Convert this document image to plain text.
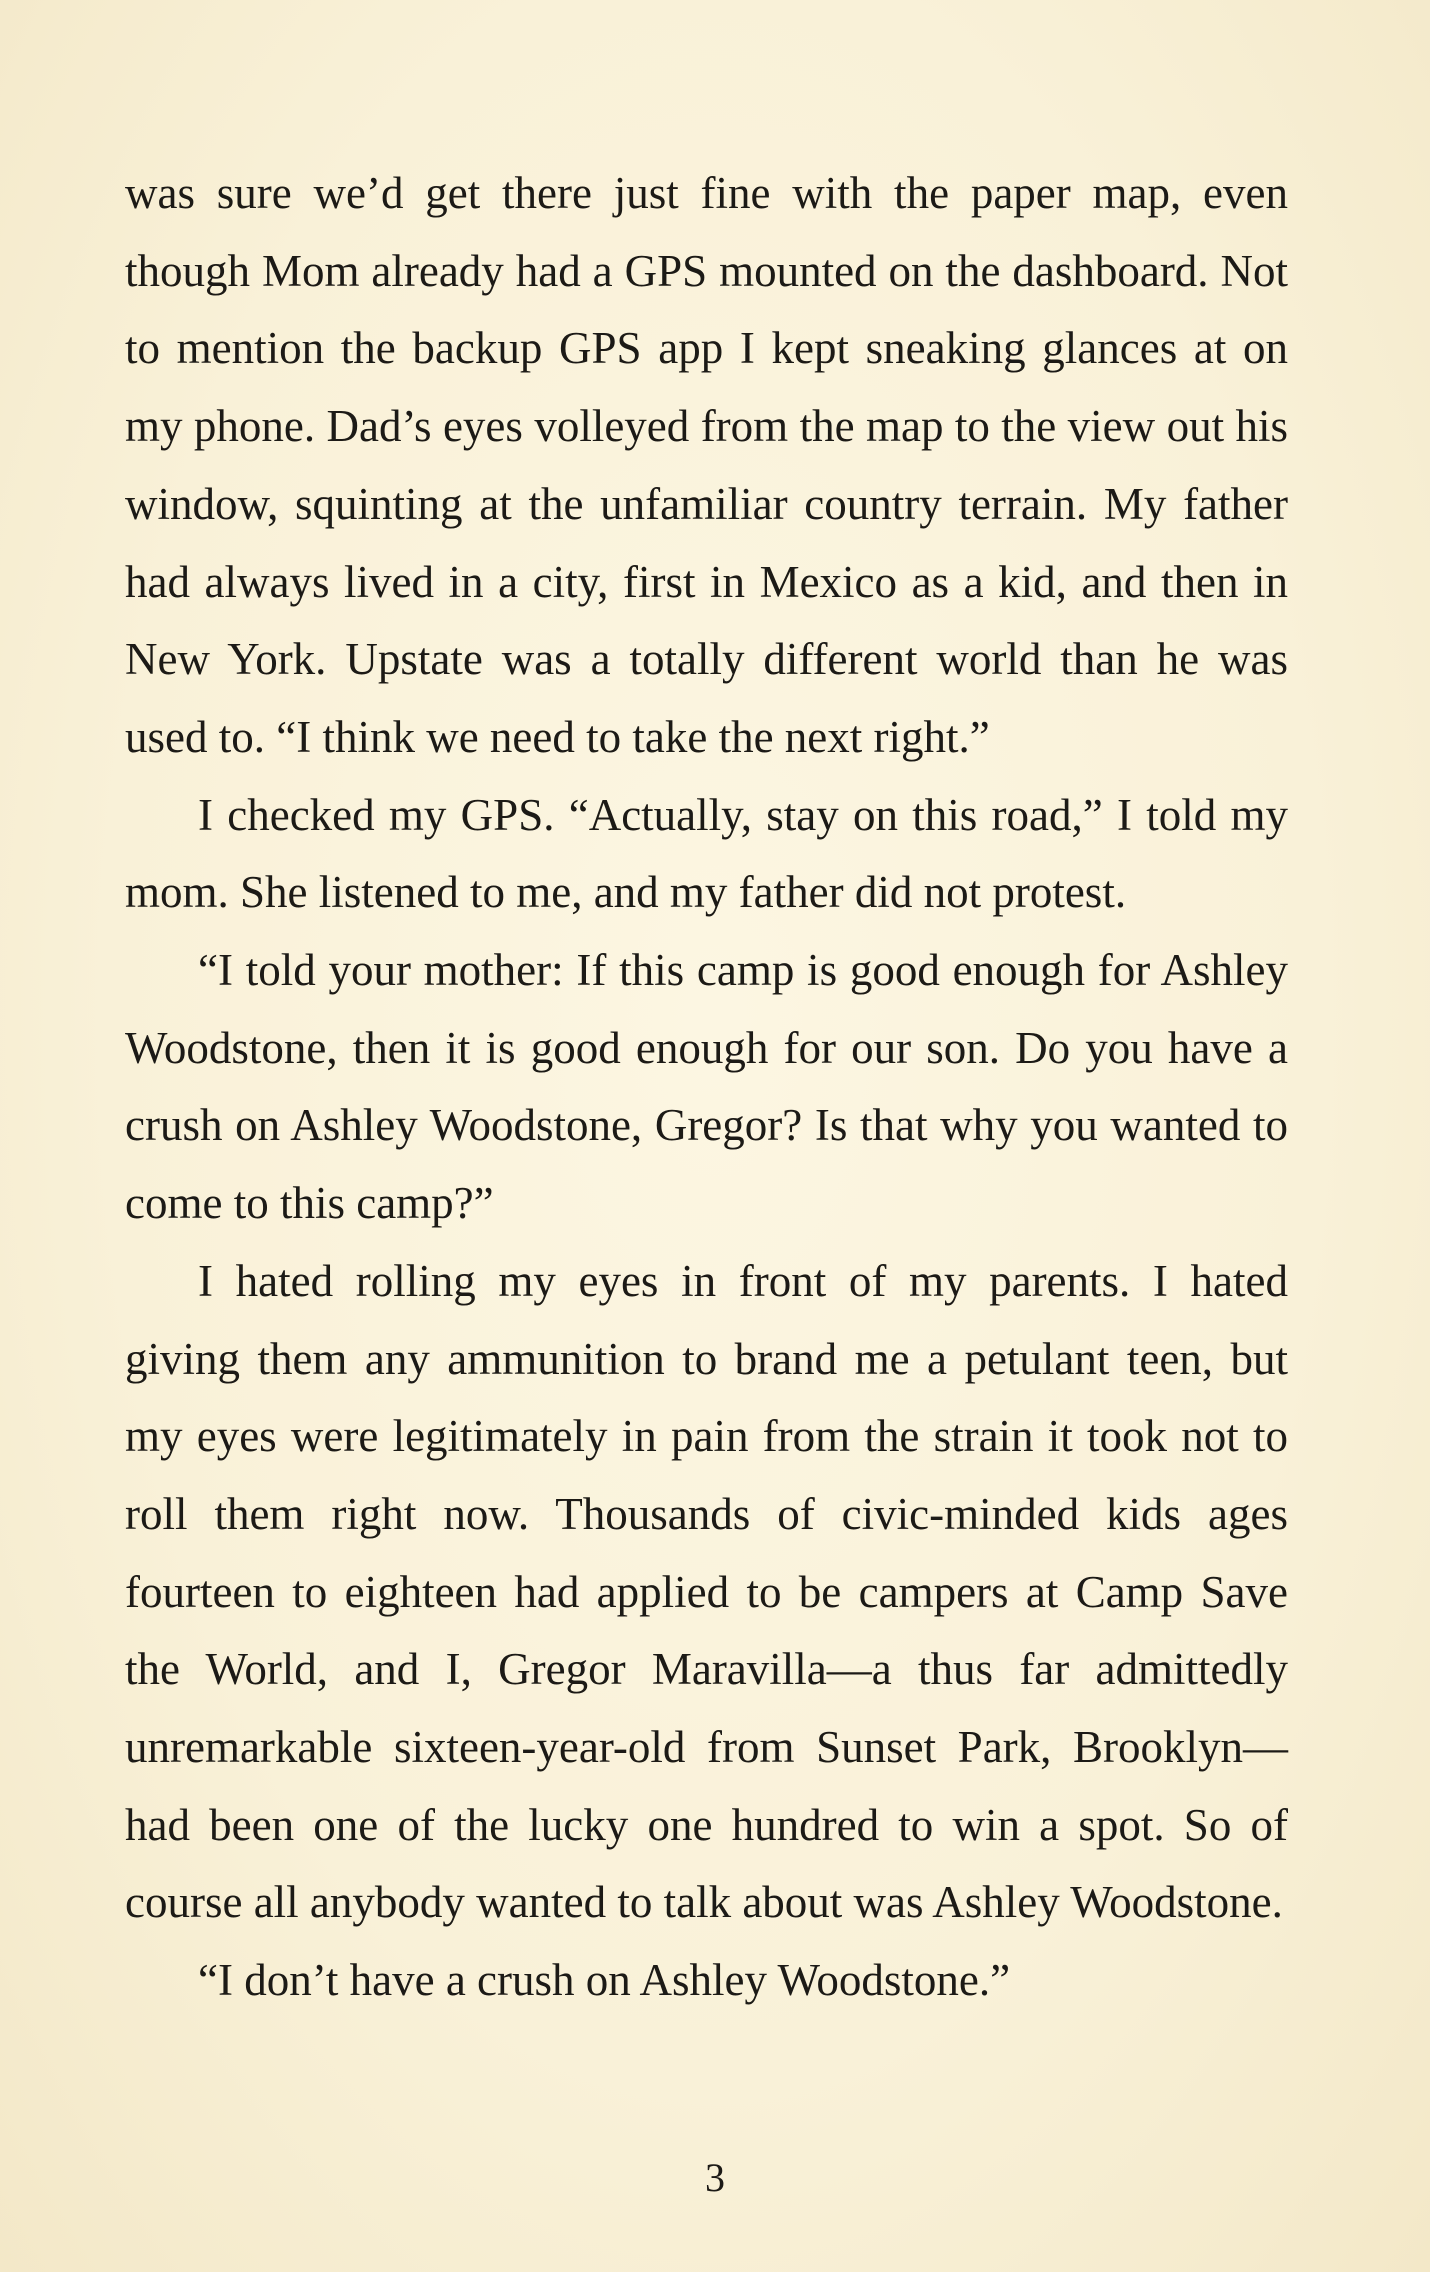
was sure we’d get there just fine with the paper map, even though Mom already had a GPS mounted on the dashboard. Not to mention the backup GPS app I kept sneaking glances at on my phone. Dad’s eyes volleyed from the map to the view out his window, squinting at the unfamiliar country terrain. My father had always lived in a city, first in Mexico as a kid, and then in New York. Upstate was a totally different world than he was used to. “I think we need to take the next right.”

I checked my GPS. “Actually, stay on this road,” I told my mom. She listened to me, and my father did not protest.

“I told your mother: If this camp is good enough for Ashley Woodstone, then it is good enough for our son. Do you have a crush on Ashley Woodstone, Gregor? Is that why you wanted to come to this camp?”

I hated rolling my eyes in front of my parents. I hated giving them any ammunition to brand me a petulant teen, but my eyes were legitimately in pain from the strain it took not to roll them right now. Thousands of civic-minded kids ages fourteen to eighteen had applied to be campers at Camp Save the World, and I, Gregor Maravilla—a thus far admittedly unremarkable sixteen-year-old from Sunset Park, Brooklyn—had been one of the lucky one hundred to win a spot. So of course all anybody wanted to talk about was Ashley Woodstone.

“I don’t have a crush on Ashley Woodstone.”

3
